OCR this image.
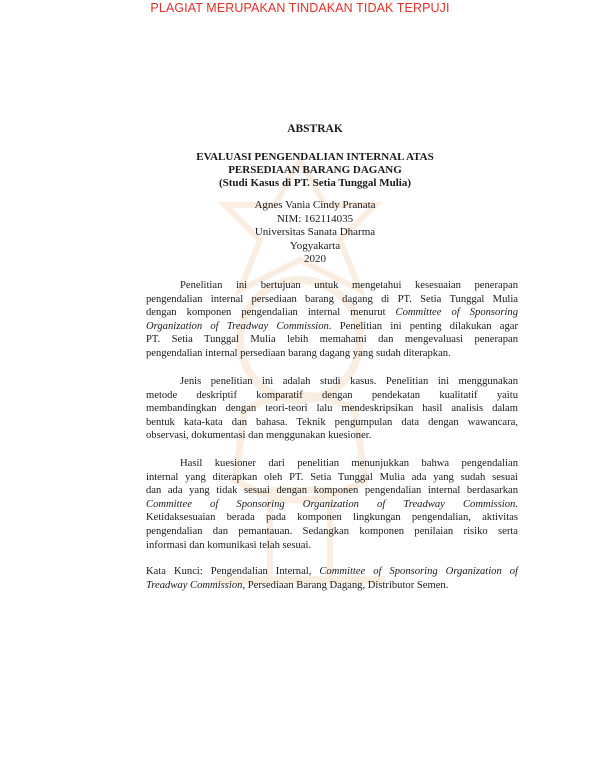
PLAGIAT MERUPAKAN TINDAKAN TIDAK TERPUJI
ABSTRAK
EVALUASI PENGENDALIAN INTERNAL ATAS
PERSEDIAAN BARANG DAGANG
(Studi Kasus di PT. Setia Tunggal Mulia)
Agnes Vania Cindy Pranata
NIM: 162114035
Universitas Sanata Dharma
Yogyakarta
2020
Penelitian ini bertujuan untuk mengetahui kesesuaian penerapan
pengendalian internal persediaan barang dagang di PT. Setia Tunggal Mulia
dengan komponen pengendalian internal menurut Committee of Sponsoring
Organization of Treadway Commission. Penelitian ini penting dilakukan agar
PT. Setia Tunggal Mulia lebih memahami dan mengevaluasi penerapan
pengendalian internal persediaan barang dagang yang sudah diterapkan.
Jenis penelitian ini adalah studi kasus. Penelitian ini menggunakan
metode deskriptif komparatif dengan pendekatan kualitatif yaitu
membandingkan dengan teori-teori lalu mendeskripsikan hasil analisis dalam
bentuk kata-kata dan bahasa. Teknik pengumpulan data dengan wawancara,
observasi, dokumentasi dan menggunakan kuesioner.
Hasil kuesioner dari penelitian menunjukkan bahwa pengendalian
internal yang diterapkan oleh PT. Setia Tunggal Mulia ada yang sudah sesuai
dan ada yang tidak sesuai dengan komponen pengendalian internal berdasarkan
Committee of Sponsoring Organization of Treadway Commission.
Ketidaksesuaian berada pada komponen lingkungan pengendalian, aktivitas
pengendalian dan pemantauan. Sedangkan komponen penilaian risiko serta
informasi dan komunikasi telah sesuai.
Kata Kunci: Pengendalian Internal, Committee of Sponsoring Organization of
Treadway Commission, Persediaan Barang Dagang, Distributor Semen.
